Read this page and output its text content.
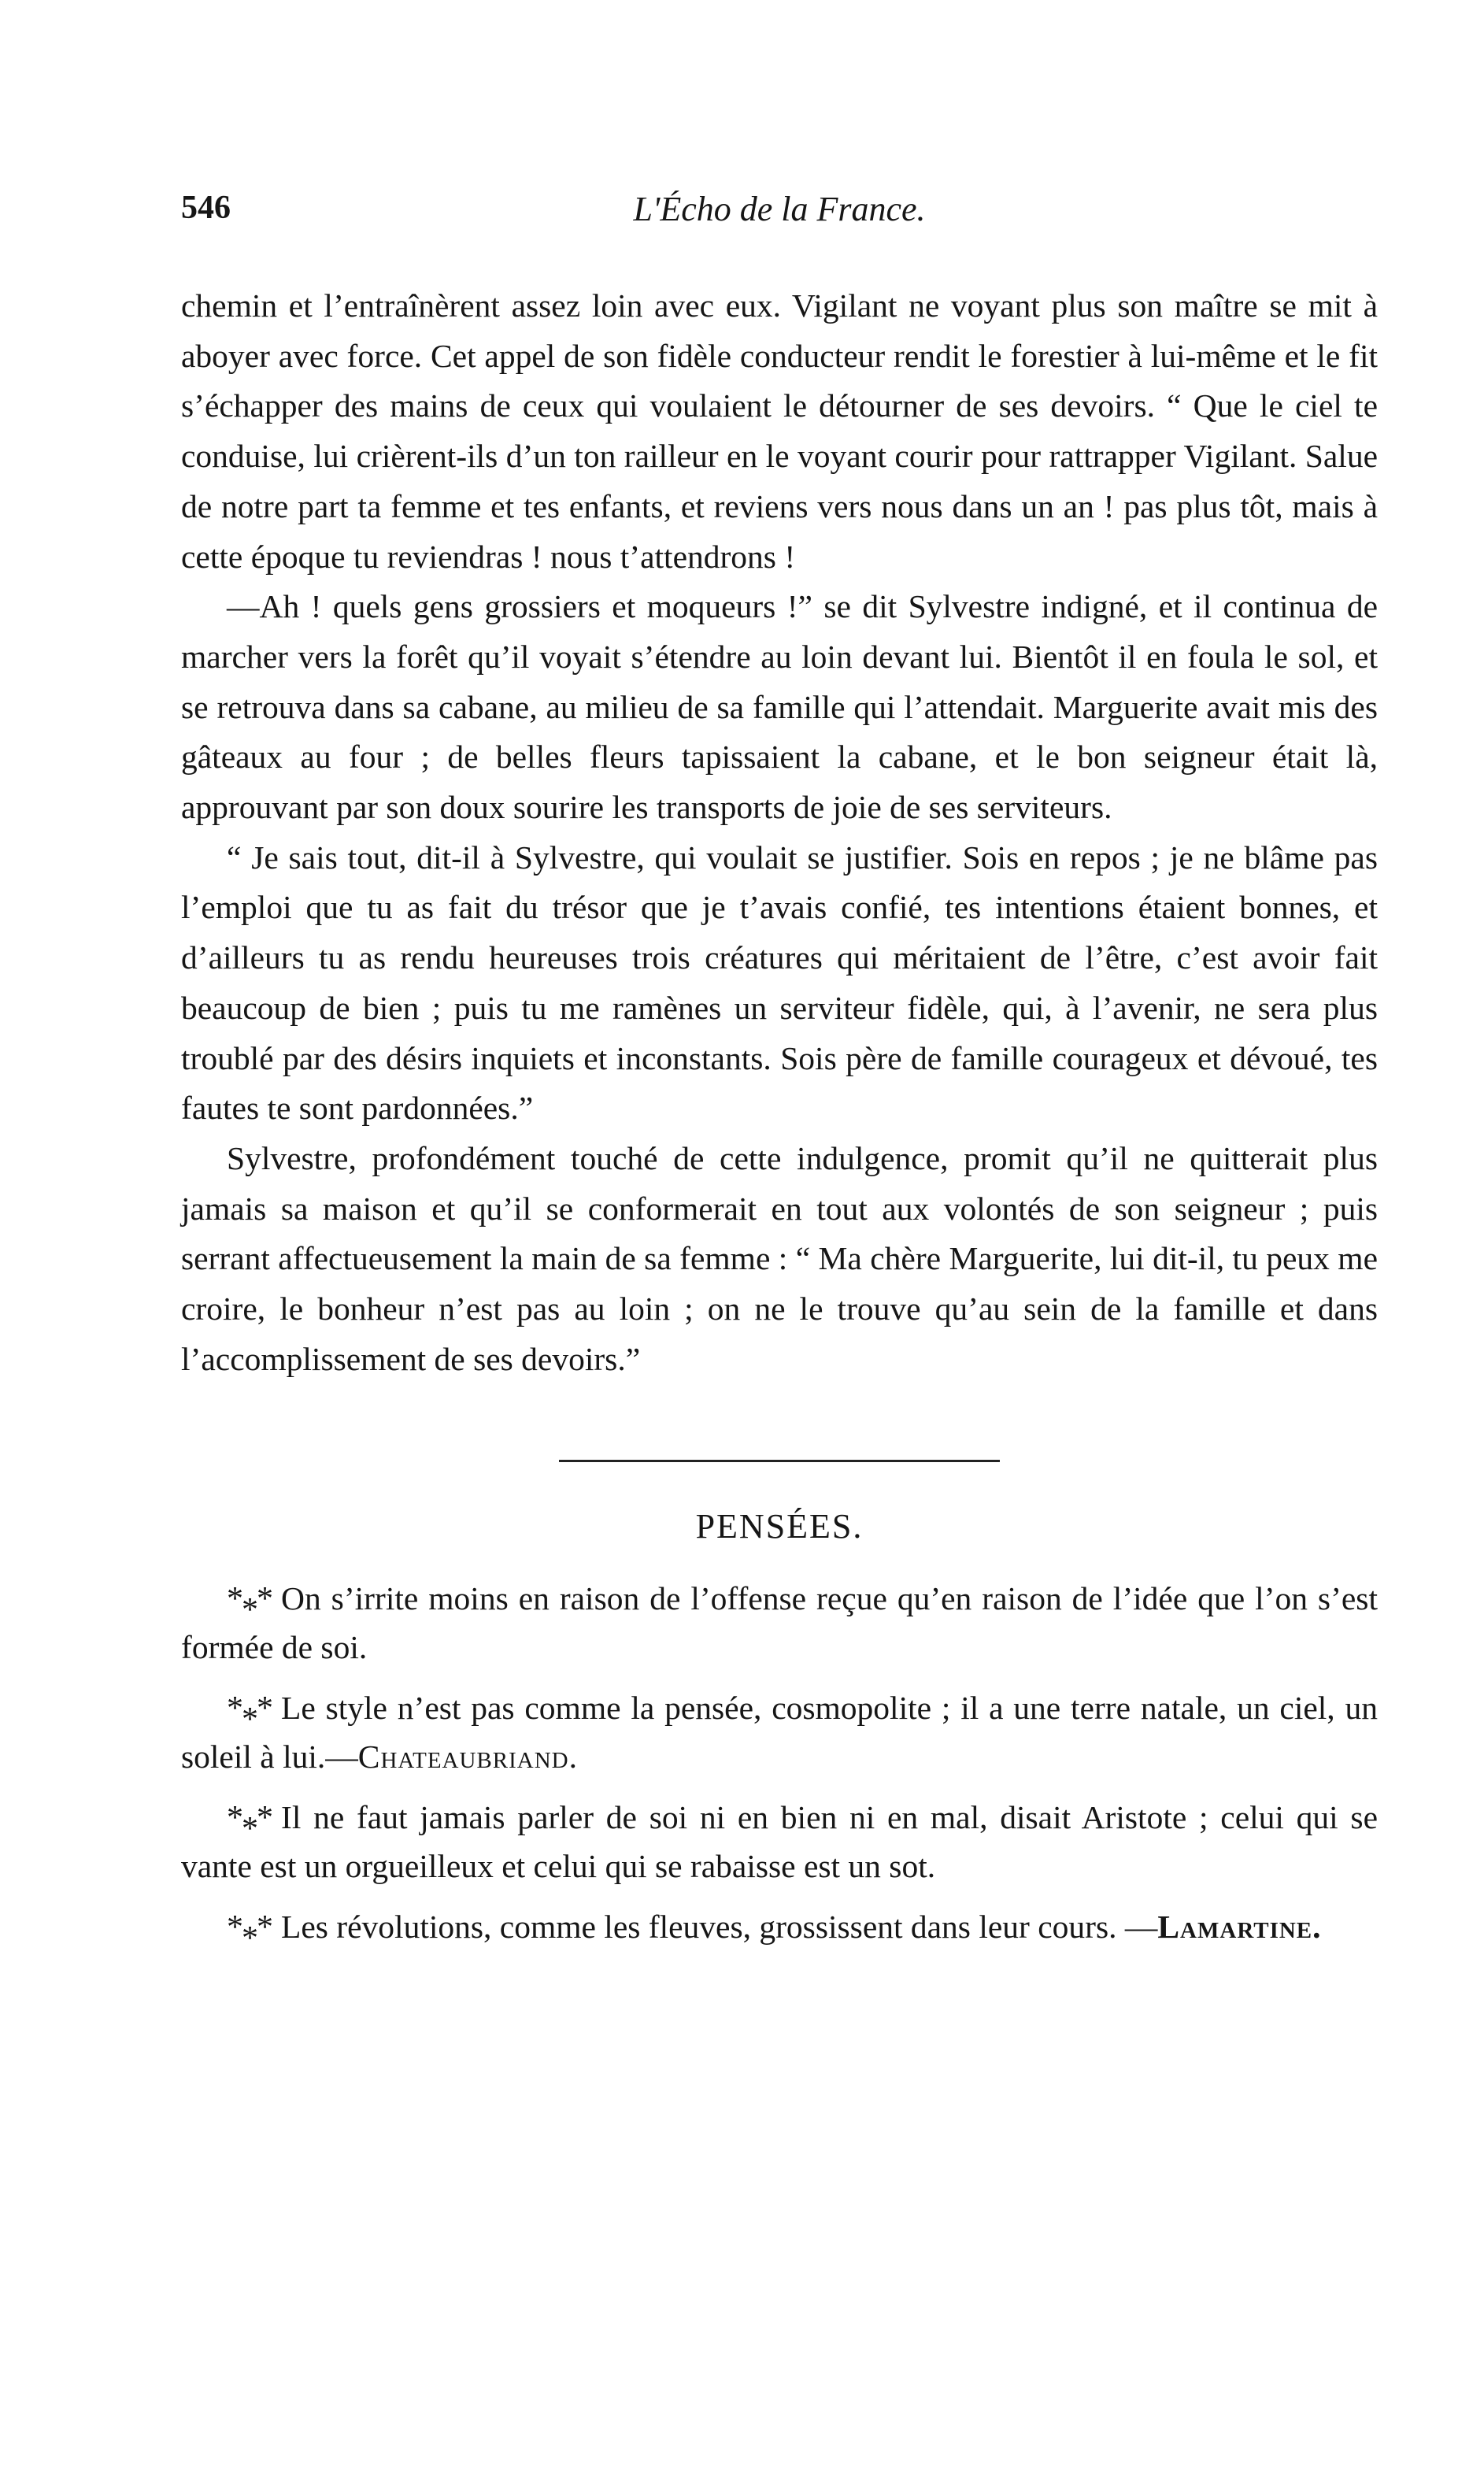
546	L'Écho de la France.

chemin et l’entraînèrent assez loin avec eux. Vigilant ne voyant plus son maître se mit à aboyer avec force. Cet appel de son fidèle conducteur rendit le forestier à lui-même et le fit s’échapper des mains de ceux qui voulaient le détourner de ses devoirs. “ Que le ciel te conduise, lui crièrent-ils d’un ton railleur en le voyant courir pour rattrapper Vigilant. Salue de notre part ta femme et tes enfants, et reviens vers nous dans un an ! pas plus tôt, mais à cette époque tu reviendras ! nous t’attendrons !

—Ah ! quels gens grossiers et moqueurs !” se dit Sylvestre indigné, et il continua de marcher vers la forêt qu’il voyait s’étendre au loin devant lui. Bientôt il en foula le sol, et se retrouva dans sa cabane, au milieu de sa famille qui l’attendait. Marguerite avait mis des gâteaux au four ; de belles fleurs tapissaient la cabane, et le bon seigneur était là, approuvant par son doux sourire les transports de joie de ses serviteurs.

“ Je sais tout, dit-il à Sylvestre, qui voulait se justifier. Sois en repos ; je ne blâme pas l’emploi que tu as fait du trésor que je t’avais confié, tes intentions étaient bonnes, et d’ailleurs tu as rendu heureuses trois créatures qui méritaient de l’être, c’est avoir fait beaucoup de bien ; puis tu me ramènes un serviteur fidèle, qui, à l’avenir, ne sera plus troublé par des désirs inquiets et inconstants. Sois père de famille courageux et dévoué, tes fautes te sont pardonnées.”

Sylvestre, profondément touché de cette indulgence, promit qu’il ne quitterait plus jamais sa maison et qu’il se conformerait en tout aux volontés de son seigneur ; puis serrant affectueusement la main de sa femme : “ Ma chère Marguerite, lui dit-il, tu peux me croire, le bonheur n’est pas au loin ; on ne le trouve qu’au sein de la famille et dans l’accomplissement de ses devoirs.”

PENSÉES.

*** On s’irrite moins en raison de l’offense reçue qu’en raison de l’idée que l’on s’est formée de soi.

*** Le style n’est pas comme la pensée, cosmopolite ; il a une terre natale, un ciel, un soleil à lui.—Chateaubriand.

*** Il ne faut jamais parler de soi ni en bien ni en mal, disait Aristote ; celui qui se vante est un orgueilleux et celui qui se rabaisse est un sot.

*** Les révolutions, comme les fleuves, grossissent dans leur cours. —Lamartine.
